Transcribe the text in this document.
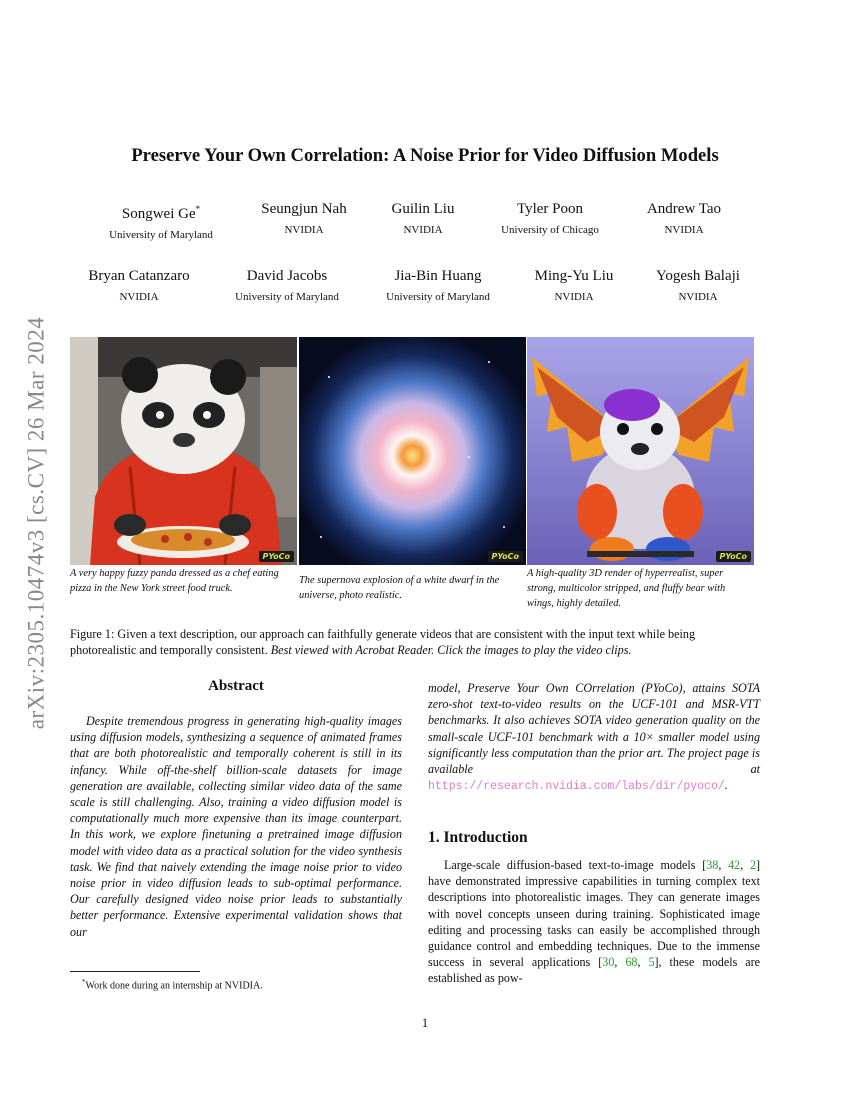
arXiv:2305.10474v3 [cs.CV] 26 Mar 2024
Preserve Your Own Correlation: A Noise Prior for Video Diffusion Models
Songwei Ge*
University of Maryland
Seungjun Nah
NVIDIA
Guilin Liu
NVIDIA
Tyler Poon
University of Chicago
Andrew Tao
NVIDIA
Bryan Catanzaro
NVIDIA
David Jacobs
University of Maryland
Jia-Bin Huang
University of Maryland
Ming-Yu Liu
NVIDIA
Yogesh Balaji
NVIDIA
PYoCo	PYoCo	PYoCo
A very happy fuzzy panda dressed as a chef eating pizza in the New York street food truck.
The supernova explosion of a white dwarf in the universe, photo realistic.
A high-quality 3D render of hyperrealist, super strong, multicolor stripped, and fluffy bear with wings, highly detailed.
Figure 1: Given a text description, our approach can faithfully generate videos that are consistent with the input text while being photorealistic and temporally consistent. Best viewed with Acrobat Reader. Click the images to play the video clips.
Abstract
Despite tremendous progress in generating high-quality images using diffusion models, synthesizing a sequence of animated frames that are both photorealistic and temporally coherent is still in its infancy. While off-the-shelf billion-scale datasets for image generation are available, collecting similar video data of the same scale is still challenging. Also, training a video diffusion model is computationally much more expensive than its image counterpart. In this work, we explore finetuning a pretrained image diffusion model with video data as a practical solution for the video synthesis task. We find that naively extending the image noise prior to video noise prior in video diffusion leads to sub-optimal performance. Our carefully designed video noise prior leads to substantially better performance. Extensive experimental validation shows that our
model, Preserve Your Own COrrelation (PYoCo), attains SOTA zero-shot text-to-video results on the UCF-101 and MSR-VTT benchmarks. It also achieves SOTA video generation quality on the small-scale UCF-101 benchmark with a 10× smaller model using significantly less computation than the prior art. The project page is available at https://research.nvidia.com/labs/dir/pyoco/.
1. Introduction
Large-scale diffusion-based text-to-image models [38, 42, 2] have demonstrated impressive capabilities in turning complex text descriptions into photorealistic images. They can generate images with novel concepts unseen during training. Sophisticated image editing and processing tasks can easily be accomplished through guidance control and embedding techniques. Due to the immense success in several applications [30, 68, 5], these models are established as pow-
*Work done during an internship at NVIDIA.
1
